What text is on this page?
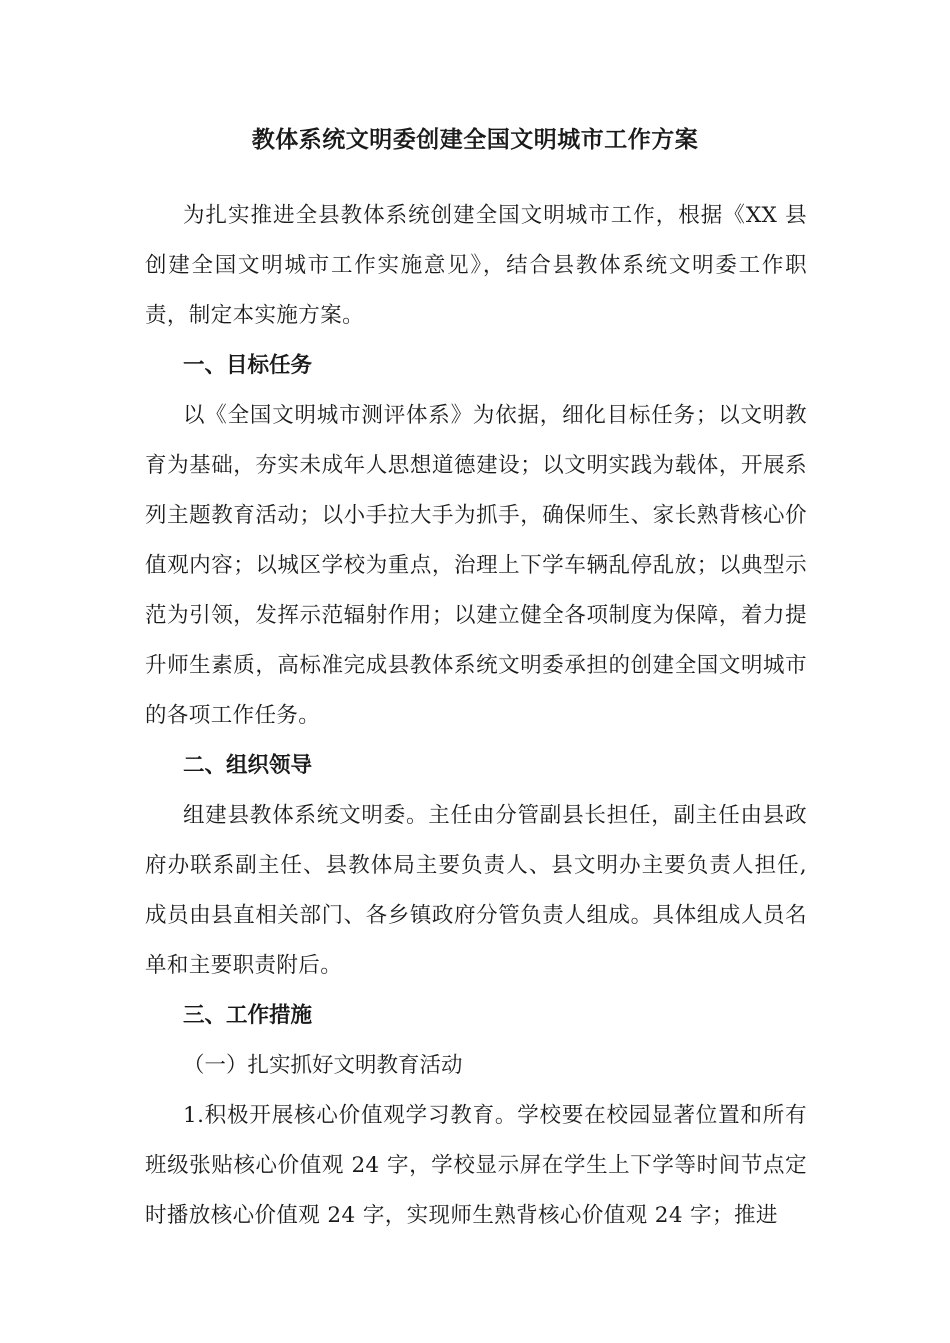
教体系统文明委创建全国文明城市工作方案

为扎实推进全县教体系统创建全国文明城市工作，根据《XX 县创建全国文明城市工作实施意见》，结合县教体系统文明委工作职责，制定本实施方案。

一、目标任务

以《全国文明城市测评体系》为依据，细化目标任务；以文明教育为基础，夯实未成年人思想道德建设；以文明实践为载体，开展系列主题教育活动；以小手拉大手为抓手，确保师生、家长熟背核心价值观内容；以城区学校为重点，治理上下学车辆乱停乱放；以典型示范为引领，发挥示范辐射作用；以建立健全各项制度为保障，着力提升师生素质，高标准完成县教体系统文明委承担的创建全国文明城市的各项工作任务。

二、组织领导

组建县教体系统文明委。主任由分管副县长担任，副主任由县政府办联系副主任、县教体局主要负责人、县文明办主要负责人担任,成员由县直相关部门、各乡镇政府分管负责人组成。具体组成人员名单和主要职责附后。

三、工作措施

（一）扎实抓好文明教育活动

1.积极开展核心价值观学习教育。学校要在校园显著位置和所有班级张贴核心价值观 24 字，学校显示屏在学生上下学等时间节点定时播放核心价值观 24 字，实现师生熟背核心价值观 24 字；推进
